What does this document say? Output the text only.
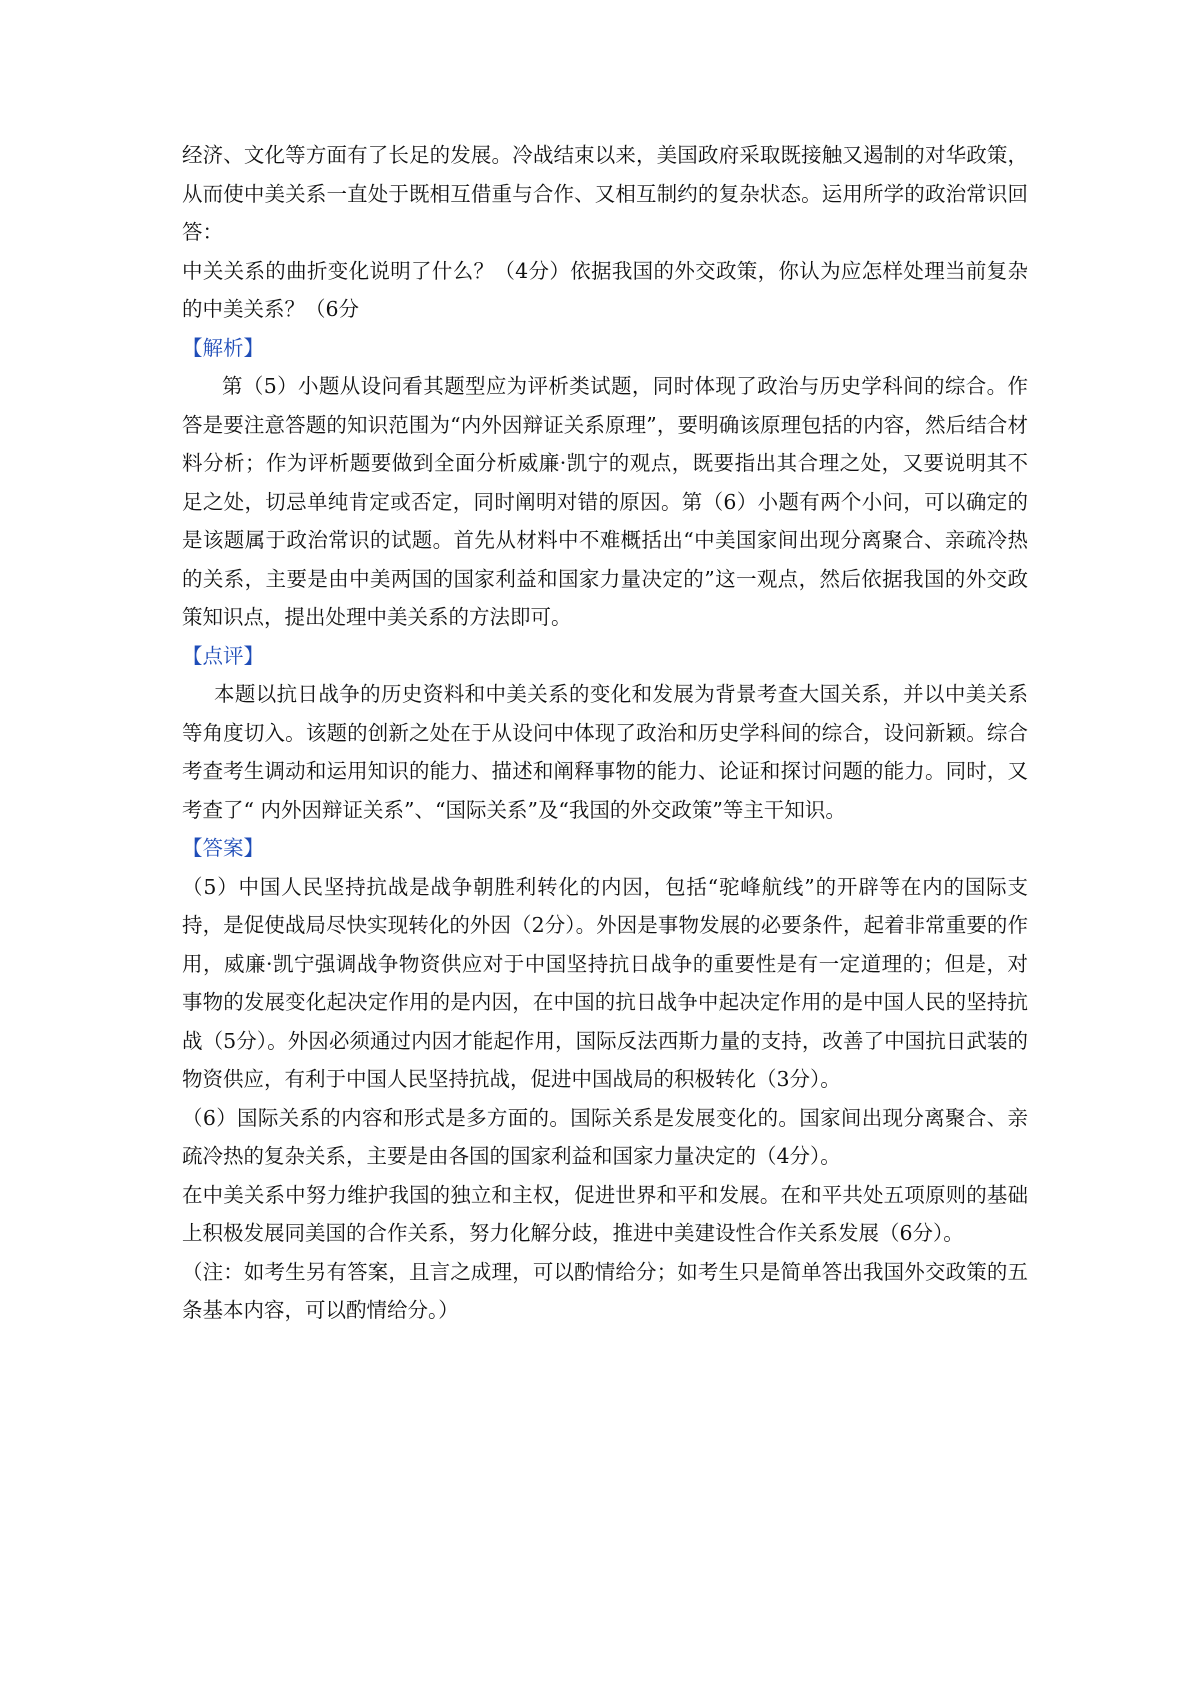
经济、文化等方面有了长足的发展。冷战结束以来，美国政府采取既接触又遏制的对华政策，从而使中美关系一直处于既相互借重与合作、又相互制约的复杂状态。运用所学的政治常识回答：

中关关系的曲折变化说明了什么？（4分）依据我国的外交政策，你认为应怎样处理当前复杂的中美关系？（6分

【解析】

第（5）小题从设问看其题型应为评析类试题，同时体现了政治与历史学科间的综合。作答是要注意答题的知识范围为“内外因辩证关系原理”，要明确该原理包括的内容，然后结合材料分析；作为评析题要做到全面分析威廉·凯宁的观点，既要指出其合理之处，又要说明其不足之处，切忌单纯肯定或否定，同时阐明对错的原因。第（6）小题有两个小问，可以确定的是该题属于政治常识的试题。首先从材料中不难概括出“中美国家间出现分离聚合、亲疏冷热的关系，主要是由中美两国的国家利益和国家力量决定的”这一观点，然后依据我国的外交政策知识点，提出处理中美关系的方法即可。

【点评】

本题以抗日战争的历史资料和中美关系的变化和发展为背景考查大国关系，并以中美关系等角度切入。该题的创新之处在于从设问中体现了政治和历史学科间的综合，设问新颖。综合考查考生调动和运用知识的能力、描述和阐释事物的能力、论证和探讨问题的能力。同时，又考查了“ 内外因辩证关系”、“国际关系”及“我国的外交政策”等主干知识。

【答案】

（5）中国人民坚持抗战是战争朝胜利转化的内因，包括“驼峰航线”的开辟等在内的国际支持，是促使战局尽快实现转化的外因（2分）。外因是事物发展的必要条件，起着非常重要的作用，威廉·凯宁强调战争物资供应对于中国坚持抗日战争的重要性是有一定道理的；但是，对事物的发展变化起决定作用的是内因，在中国的抗日战争中起决定作用的是中国人民的坚持抗战（5分）。外因必须通过内因才能起作用，国际反法西斯力量的支持，改善了中国抗日武装的物资供应，有利于中国人民坚持抗战，促进中国战局的积极转化（3分）。

（6）国际关系的内容和形式是多方面的。国际关系是发展变化的。国家间出现分离聚合、亲疏冷热的复杂关系，主要是由各国的国家利益和国家力量决定的（4分）。

在中美关系中努力维护我国的独立和主权，促进世界和平和发展。在和平共处五项原则的基础上积极发展同美国的合作关系，努力化解分歧，推进中美建设性合作关系发展（6分）。

（注：如考生另有答案，且言之成理，可以酌情给分；如考生只是简单答出我国外交政策的五条基本内容，可以酌情给分。）
